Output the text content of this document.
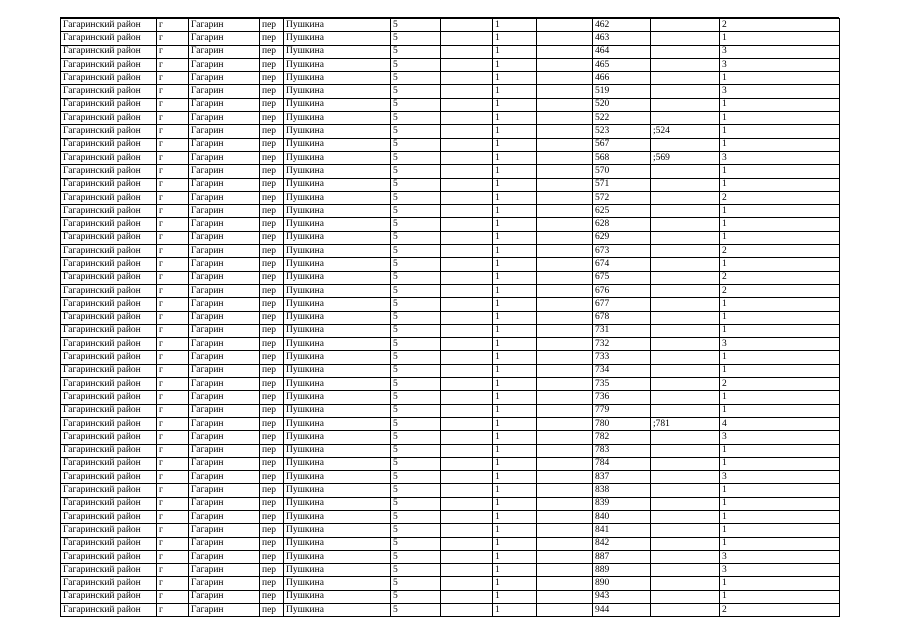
Гагаринский район	г	Гагарин	пер	Пушкина	5		1		462		2
Гагаринский район	г	Гагарин	пер	Пушкина	5		1		463		1
Гагаринский район	г	Гагарин	пер	Пушкина	5		1		464		3
Гагаринский район	г	Гагарин	пер	Пушкина	5		1		465		3
Гагаринский район	г	Гагарин	пер	Пушкина	5		1		466		1
Гагаринский район	г	Гагарин	пер	Пушкина	5		1		519		3
Гагаринский район	г	Гагарин	пер	Пушкина	5		1		520		1
Гагаринский район	г	Гагарин	пер	Пушкина	5		1		522		1
Гагаринский район	г	Гагарин	пер	Пушкина	5		1		523	;524	1
Гагаринский район	г	Гагарин	пер	Пушкина	5		1		567		1
Гагаринский район	г	Гагарин	пер	Пушкина	5		1		568	;569	3
Гагаринский район	г	Гагарин	пер	Пушкина	5		1		570		1
Гагаринский район	г	Гагарин	пер	Пушкина	5		1		571		1
Гагаринский район	г	Гагарин	пер	Пушкина	5		1		572		2
Гагаринский район	г	Гагарин	пер	Пушкина	5		1		625		1
Гагаринский район	г	Гагарин	пер	Пушкина	5		1		628		1
Гагаринский район	г	Гагарин	пер	Пушкина	5		1		629		1
Гагаринский район	г	Гагарин	пер	Пушкина	5		1		673		2
Гагаринский район	г	Гагарин	пер	Пушкина	5		1		674		1
Гагаринский район	г	Гагарин	пер	Пушкина	5		1		675		2
Гагаринский район	г	Гагарин	пер	Пушкина	5		1		676		2
Гагаринский район	г	Гагарин	пер	Пушкина	5		1		677		1
Гагаринский район	г	Гагарин	пер	Пушкина	5		1		678		1
Гагаринский район	г	Гагарин	пер	Пушкина	5		1		731		1
Гагаринский район	г	Гагарин	пер	Пушкина	5		1		732		3
Гагаринский район	г	Гагарин	пер	Пушкина	5		1		733		1
Гагаринский район	г	Гагарин	пер	Пушкина	5		1		734		1
Гагаринский район	г	Гагарин	пер	Пушкина	5		1		735		2
Гагаринский район	г	Гагарин	пер	Пушкина	5		1		736		1
Гагаринский район	г	Гагарин	пер	Пушкина	5		1		779		1
Гагаринский район	г	Гагарин	пер	Пушкина	5		1		780	;781	4
Гагаринский район	г	Гагарин	пер	Пушкина	5		1		782		3
Гагаринский район	г	Гагарин	пер	Пушкина	5		1		783		1
Гагаринский район	г	Гагарин	пер	Пушкина	5		1		784		1
Гагаринский район	г	Гагарин	пер	Пушкина	5		1		837		3
Гагаринский район	г	Гагарин	пер	Пушкина	5		1		838		1
Гагаринский район	г	Гагарин	пер	Пушкина	5		1		839		1
Гагаринский район	г	Гагарин	пер	Пушкина	5		1		840		1
Гагаринский район	г	Гагарин	пер	Пушкина	5		1		841		1
Гагаринский район	г	Гагарин	пер	Пушкина	5		1		842		1
Гагаринский район	г	Гагарин	пер	Пушкина	5		1		887		3
Гагаринский район	г	Гагарин	пер	Пушкина	5		1		889		3
Гагаринский район	г	Гагарин	пер	Пушкина	5		1		890		1
Гагаринский район	г	Гагарин	пер	Пушкина	5		1		943		1
Гагаринский район	г	Гагарин	пер	Пушкина	5		1		944		2
